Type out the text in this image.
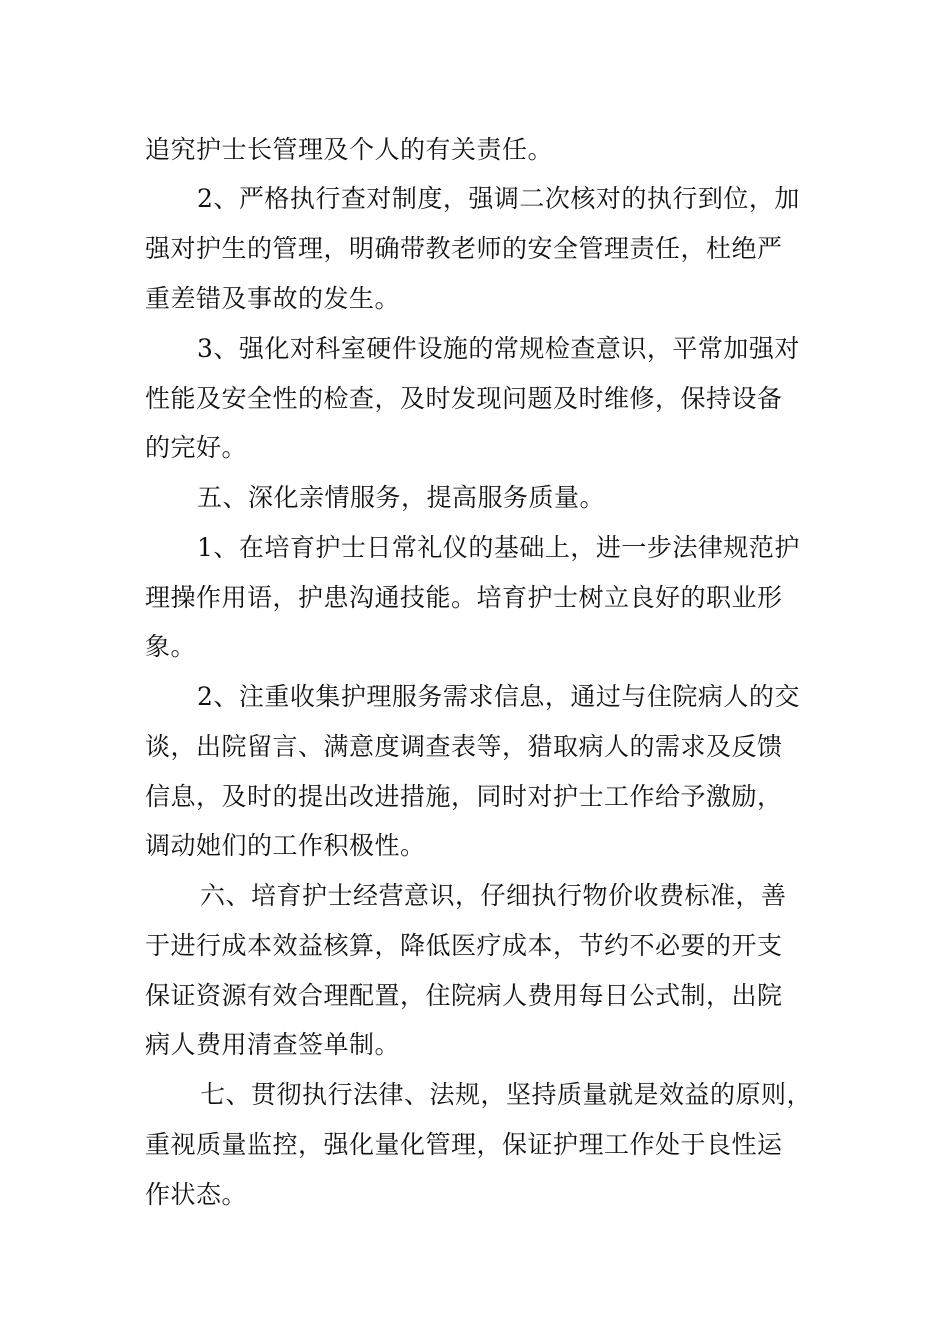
追究护士长管理及个人的有关责任。
2、严格执行查对制度，强调二次核对的执行到位，加
强对护生的管理，明确带教老师的安全管理责任，杜绝严
重差错及事故的发生。
3、强化对科室硬件设施的常规检查意识，平常加强对
性能及安全性的检查，及时发现问题及时维修，保持设备
的完好。
五、深化亲情服务，提高服务质量。
1、在培育护士日常礼仪的基础上，进一步法律规范护
理操作用语，护患沟通技能。培育护士树立良好的职业形
象。
2、注重收集护理服务需求信息，通过与住院病人的交
谈，出院留言、满意度调查表等，猎取病人的需求及反馈
信息，及时的提出改进措施，同时对护士工作给予激励，
调动她们的工作积极性。
六、培育护士经营意识，仔细执行物价收费标准，善
于进行成本效益核算，降低医疗成本，节约不必要的开支
保证资源有效合理配置，住院病人费用每日公式制，出院
病人费用清查签单制。
七、贯彻执行法律、法规，坚持质量就是效益的原则，
重视质量监控，强化量化管理，保证护理工作处于良性运
作状态。
